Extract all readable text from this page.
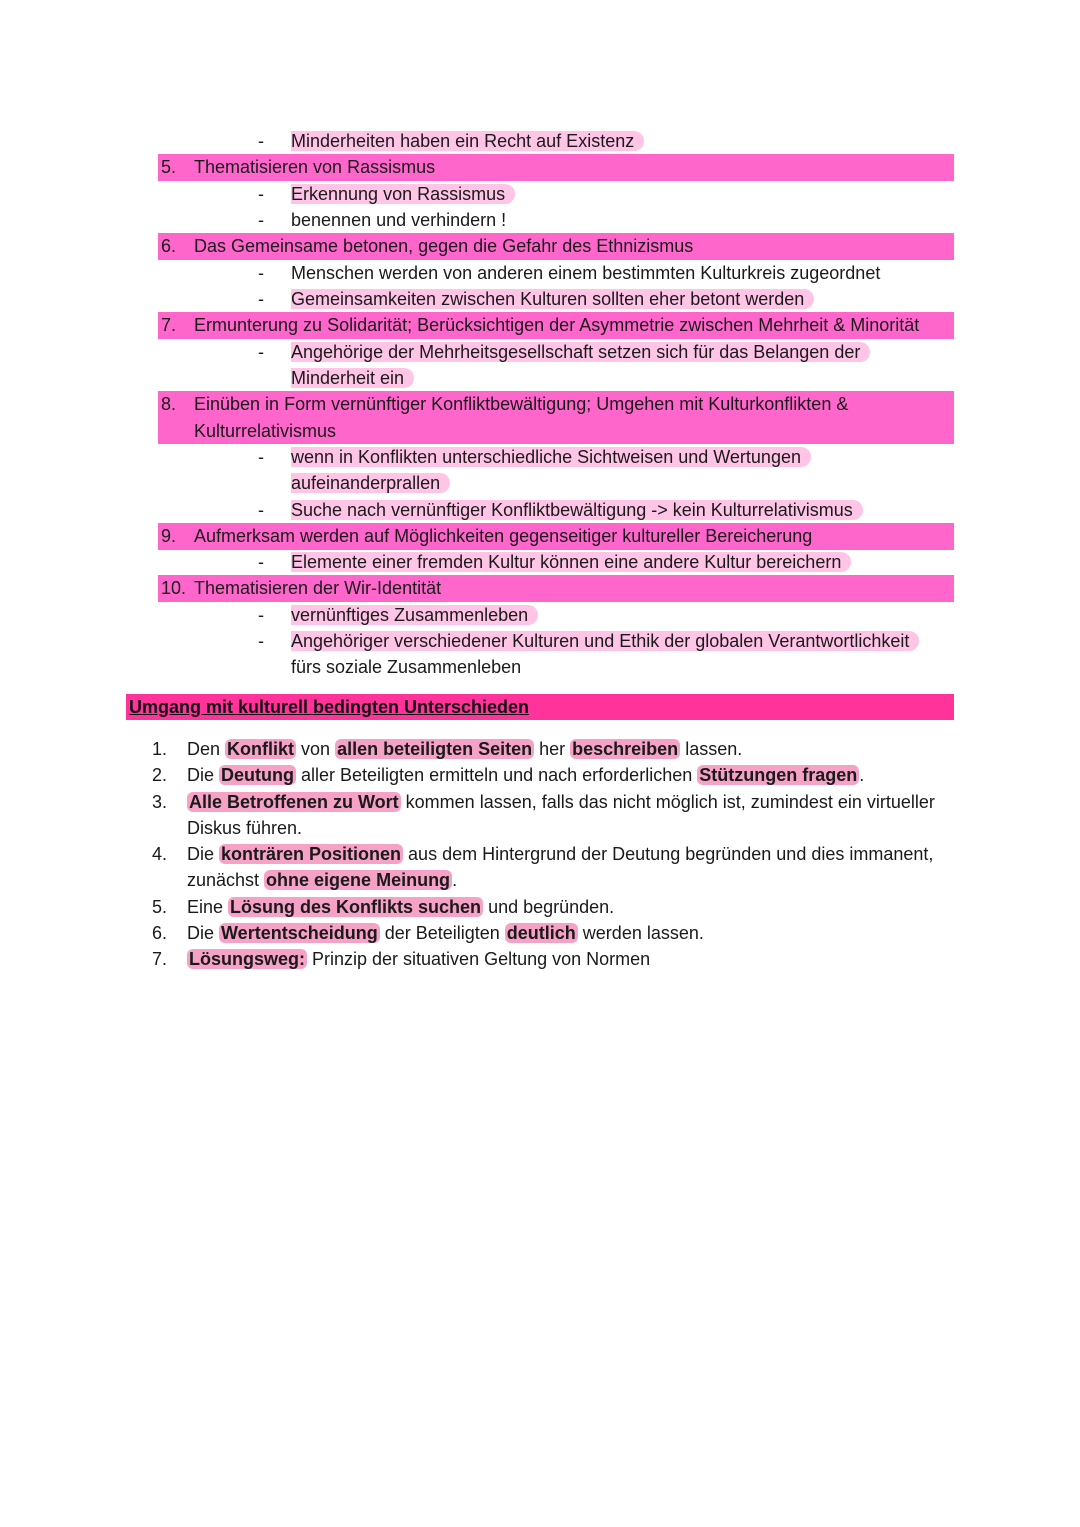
- Minderheiten haben ein Recht auf Existenz
5. Thematisieren von Rassismus
- Erkennung von Rassismus
- benennen und verhindern !
6. Das Gemeinsame betonen, gegen die Gefahr des Ethnizismus
- Menschen werden von anderen einem bestimmten Kulturkreis zugeordnet
- Gemeinsamkeiten zwischen Kulturen sollten eher betont werden
7. Ermunterung zu Solidarität; Berücksichtigen der Asymmetrie zwischen Mehrheit & Minorität
- Angehörige der Mehrheitsgesellschaft setzen sich für das Belangen der
Minderheit ein
8. Einüben in Form vernünftiger Konfliktbewältigung; Umgehen mit Kulturkonflikten &
Kulturrelativismus
- wenn in Konflikten unterschiedliche Sichtweisen und Wertungen
aufeinanderprallen
- Suche nach vernünftiger Konfliktbewältigung -> kein Kulturrelativismus
9. Aufmerksam werden auf Möglichkeiten gegenseitiger kultureller Bereicherung
- Elemente einer fremden Kultur können eine andere Kultur bereichern
10. Thematisieren der Wir-Identität
- vernünftiges Zusammenleben
- Angehöriger verschiedener Kulturen und Ethik der globalen Verantwortlichkeit
fürs soziale Zusammenleben
Umgang mit kulturell bedingten Unterschieden
1. Den Konflikt von allen beteiligten Seiten her beschreiben lassen.
2. Die Deutung aller Beteiligten ermitteln und nach erforderlichen Stützungen fragen .
3. Alle Betroffenen zu Wort kommen lassen, falls das nicht möglich ist, zumindest ein virtueller
Diskus führen.
4. Die konträren Positionen aus dem Hintergrund der Deutung begründen und dies immanent,
zunächst ohne eigene Meinung .
5. Eine Lösung des Konflikts suchen und begründen.
6. Die Wertentscheidung der Beteiligten deutlich werden lassen.
7. Lösungsweg: Prinzip der situativen Geltung von Normen
